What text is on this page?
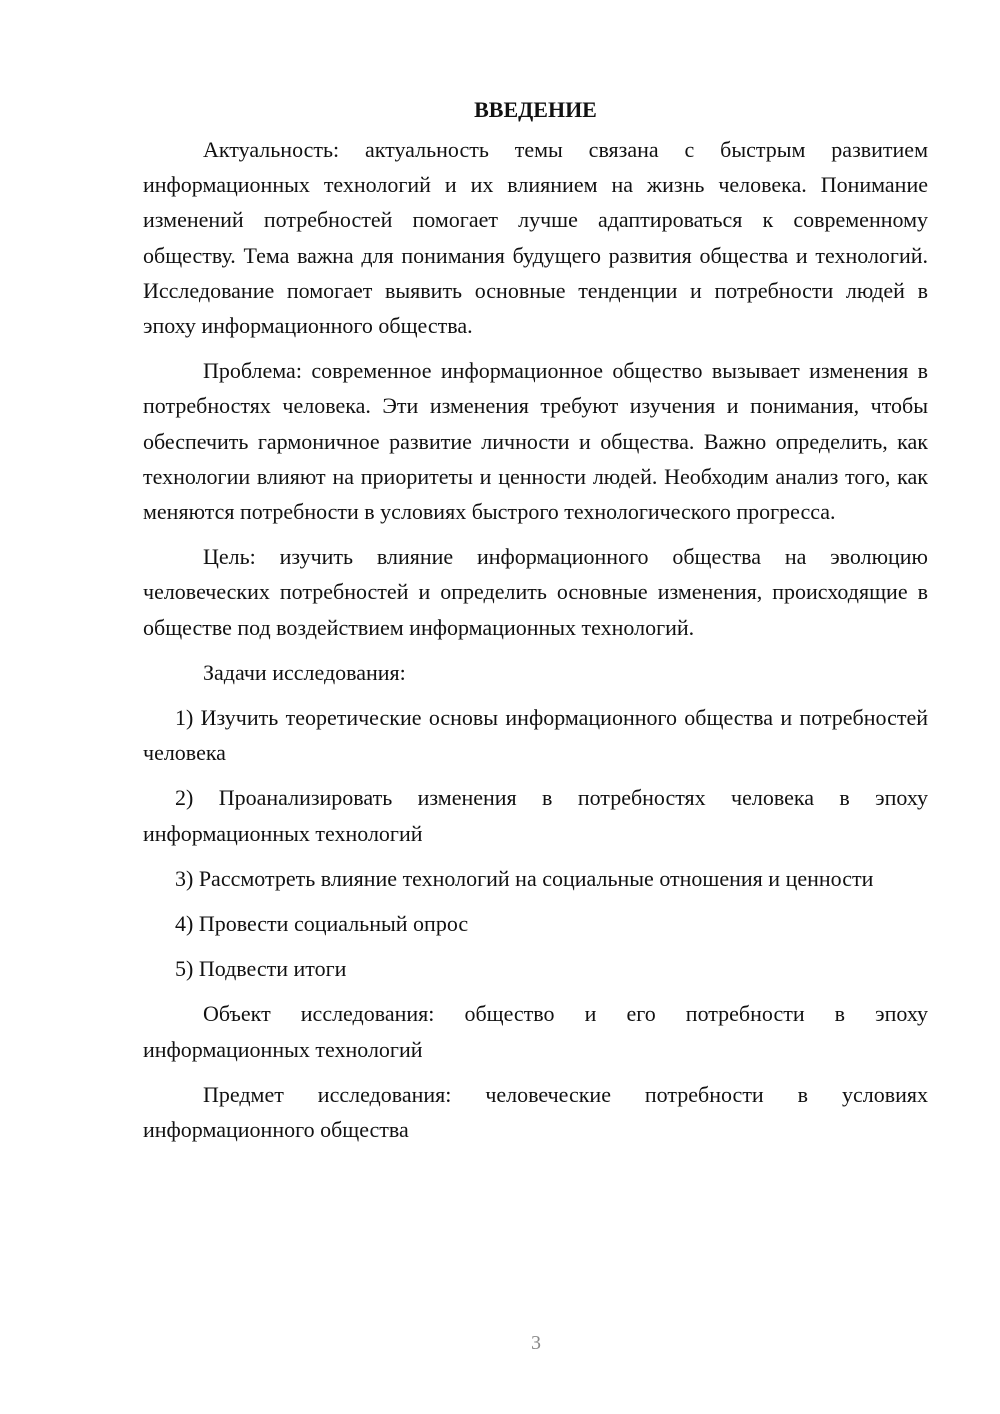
ВВЕДЕНИЕ

Актуальность: актуальность темы связана с быстрым развитием информационных технологий и их влиянием на жизнь человека. Понимание изменений потребностей помогает лучше адаптироваться к современному обществу. Тема важна для понимания будущего развития общества и технологий. Исследование помогает выявить основные тенденции и потребности людей в эпоху информационного общества.

Проблема: современное информационное общество вызывает изменения в потребностях человека. Эти изменения требуют изучения и понимания, чтобы обеспечить гармоничное развитие личности и общества. Важно определить, как технологии влияют на приоритеты и ценности людей. Необходим анализ того, как меняются потребности в условиях быстрого технологического прогресса.

Цель: изучить влияние информационного общества на эволюцию человеческих потребностей и определить основные изменения, происходящие в обществе под воздействием информационных технологий.

Задачи исследования:

1) Изучить теоретические основы информационного общества и потребностей человека

2) Проанализировать изменения в потребностях человека в эпоху информационных технологий

3) Рассмотреть влияние технологий на социальные отношения и ценности

4) Провести социальный опрос

5) Подвести итоги

Объект исследования: общество и его потребности в эпоху информационных технологий

Предмет исследования: человеческие потребности в условиях информационного общества

3
